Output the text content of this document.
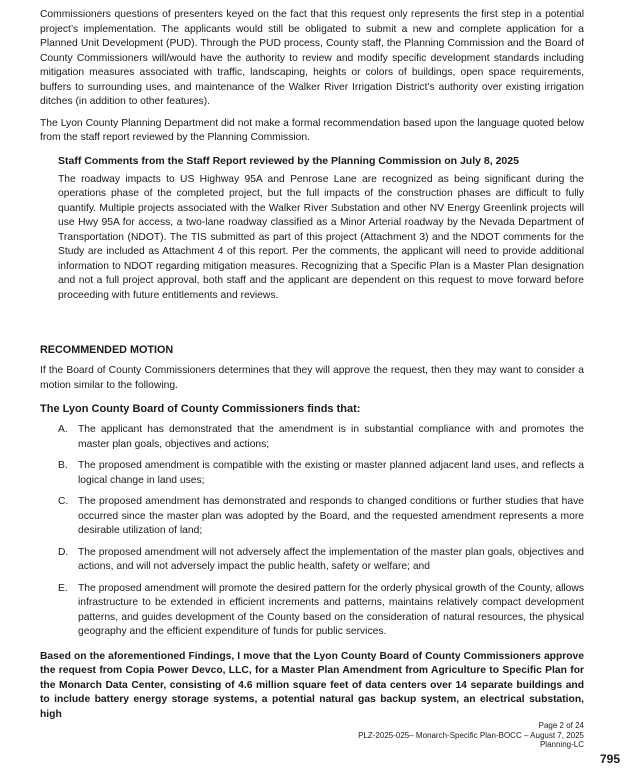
Commissioners questions of presenters keyed on the fact that this request only represents the first step in a potential project’s implementation. The applicants would still be obligated to submit a new and complete application for a Planned Unit Development (PUD). Through the PUD process, County staff, the Planning Commission and the Board of County Commissioners will/would have the authority to review and modify specific development standards including mitigation measures associated with traffic, landscaping, heights or colors of buildings, open space requirements, buffers to surrounding uses, and maintenance of the Walker River Irrigation District’s authority over existing irrigation ditches (in addition to other features).

The Lyon County Planning Department did not make a formal recommendation based upon the language quoted below from the staff report reviewed by the Planning Commission.

Staff Comments from the Staff Report reviewed by the Planning Commission on July 8, 2025

The roadway impacts to US Highway 95A and Penrose Lane are recognized as being significant during the operations phase of the completed project, but the full impacts of the construction phases are difficult to fully quantify. Multiple projects associated with the Walker River Substation and other NV Energy Greenlink projects will use Hwy 95A for access, a two-lane roadway classified as a Minor Arterial roadway by the Nevada Department of Transportation (NDOT). The TIS submitted as part of this project (Attachment 3) and the NDOT comments for the Study are included as Attachment 4 of this report. Per the comments, the applicant will need to provide additional information to NDOT regarding mitigation measures. Recognizing that a Specific Plan is a Master Plan designation and not a full project approval, both staff and the applicant are dependent on this request to move forward before proceeding with future entitlements and reviews.

RECOMMENDED MOTION

If the Board of County Commissioners determines that they will approve the request, then they may want to consider a motion similar to the following.

The Lyon County Board of County Commissioners finds that:

A. The applicant has demonstrated that the amendment is in substantial compliance with and promotes the master plan goals, objectives and actions;
B. The proposed amendment is compatible with the existing or master planned adjacent land uses, and reflects a logical change in land uses;
C. The proposed amendment has demonstrated and responds to changed conditions or further studies that have occurred since the master plan was adopted by the Board, and the requested amendment represents a more desirable utilization of land;
D. The proposed amendment will not adversely affect the implementation of the master plan goals, objectives and actions, and will not adversely impact the public health, safety or welfare; and
E. The proposed amendment will promote the desired pattern for the orderly physical growth of the County, allows infrastructure to be extended in efficient increments and patterns, maintains relatively compact development patterns, and guides development of the County based on the consideration of natural resources, the physical geography and the efficient expenditure of funds for public services.

Based on the aforementioned Findings, I move that the Lyon County Board of County Commissioners approve the request from Copia Power Devco, LLC, for a Master Plan Amendment from Agriculture to Specific Plan for the Monarch Data Center, consisting of 4.6 million square feet of data centers over 14 separate buildings and to include battery energy storage systems, a potential natural gas backup system, an electrical substation, high

Page 2 of 24
PLZ-2025-025– Monarch-Specific Plan-BOCC – August 7, 2025
Planning-LC
795
